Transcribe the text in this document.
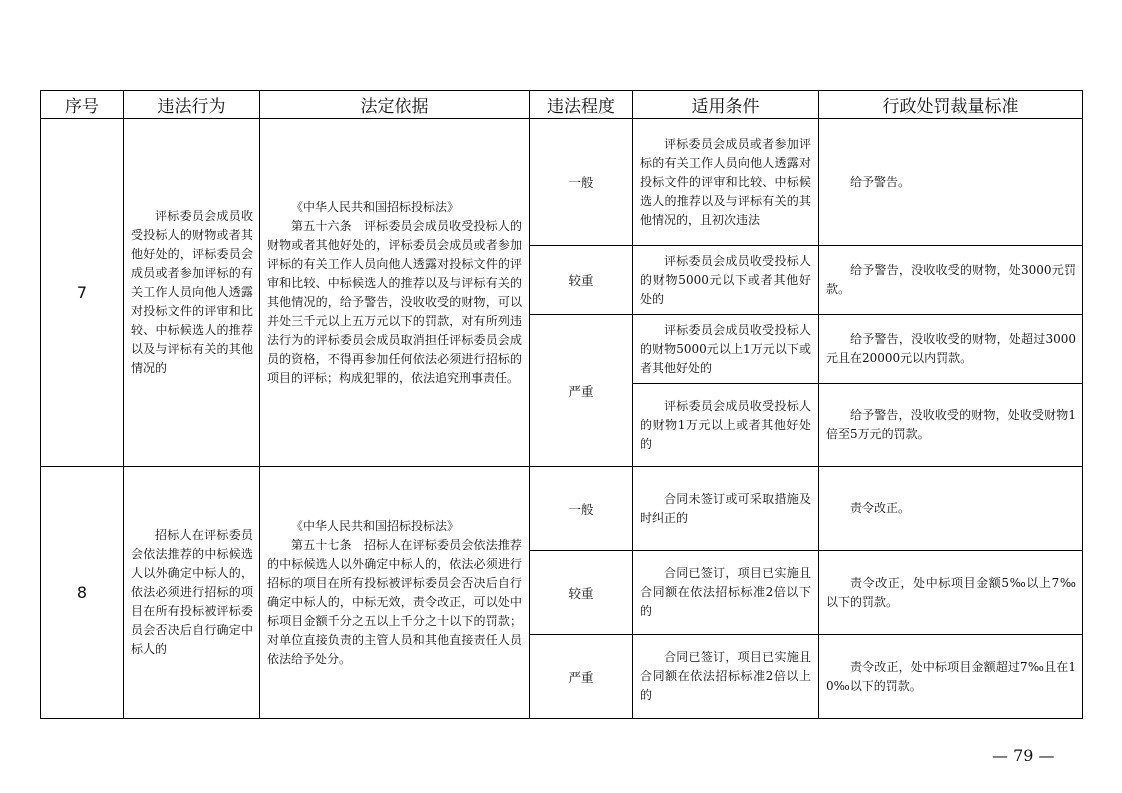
序号	违法行为	法定依据	违法程度	适用条件	行政处罚裁量标准
7	评标委员会成员收受投标人的财物或者其他好处的，评标委员会成员或者参加评标的有关工作人员向他人透露对投标文件的评审和比较、中标候选人的推荐以及与评标有关的其他情况的	《中华人民共和国招标投标法》
第五十六条　评标委员会成员收受投标人的财物或者其他好处的，评标委员会成员或者参加评标的有关工作人员向他人透露对投标文件的评审和比较、中标候选人的推荐以及与评标有关的其他情况的，给予警告，没收收受的财物，可以并处三千元以上五万元以下的罚款，对有所列违法行为的评标委员会成员取消担任评标委员会成员的资格，不得再参加任何依法必须进行招标的项目的评标；构成犯罪的，依法追究刑事责任。	一般	评标委员会成员或者参加评标的有关工作人员向他人透露对投标文件的评审和比较、中标候选人的推荐以及与评标有关的其他情况的，且初次违法	给予警告。
			较重	评标委员会成员收受投标人的财物5000元以下或者其他好处的	给予警告，没收收受的财物，处3000元罚款。
			严重	评标委员会成员收受投标人的财物5000元以上1万元以下或者其他好处的	给予警告，没收收受的财物，处超过3000元且在20000元以内罚款。
				评标委员会成员收受投标人的财物1万元以上或者其他好处的	给予警告，没收收受的财物，处收受财物1倍至5万元的罚款。
8	招标人在评标委员会依法推荐的中标候选人以外确定中标人的，依法必须进行招标的项目在所有投标被评标委员会否决后自行确定中标人的	《中华人民共和国招标投标法》
第五十七条　招标人在评标委员会依法推荐的中标候选人以外确定中标人的，依法必须进行招标的项目在所有投标被评标委员会否决后自行确定中标人的，中标无效，责令改正，可以处中标项目金额千分之五以上千分之十以下的罚款；对单位直接负责的主管人员和其他直接责任人员依法给予处分。	一般	合同未签订或可采取措施及时纠正的	责令改正。
			较重	合同已签订，项目已实施且合同额在依法招标标准2倍以下的	责令改正，处中标项目金额5‰以上7‰以下的罚款。
			严重	合同已签订，项目已实施且合同额在依法招标标准2倍以上的	责令改正，处中标项目金额超过7‰且在10‰以下的罚款。
— 79 —
